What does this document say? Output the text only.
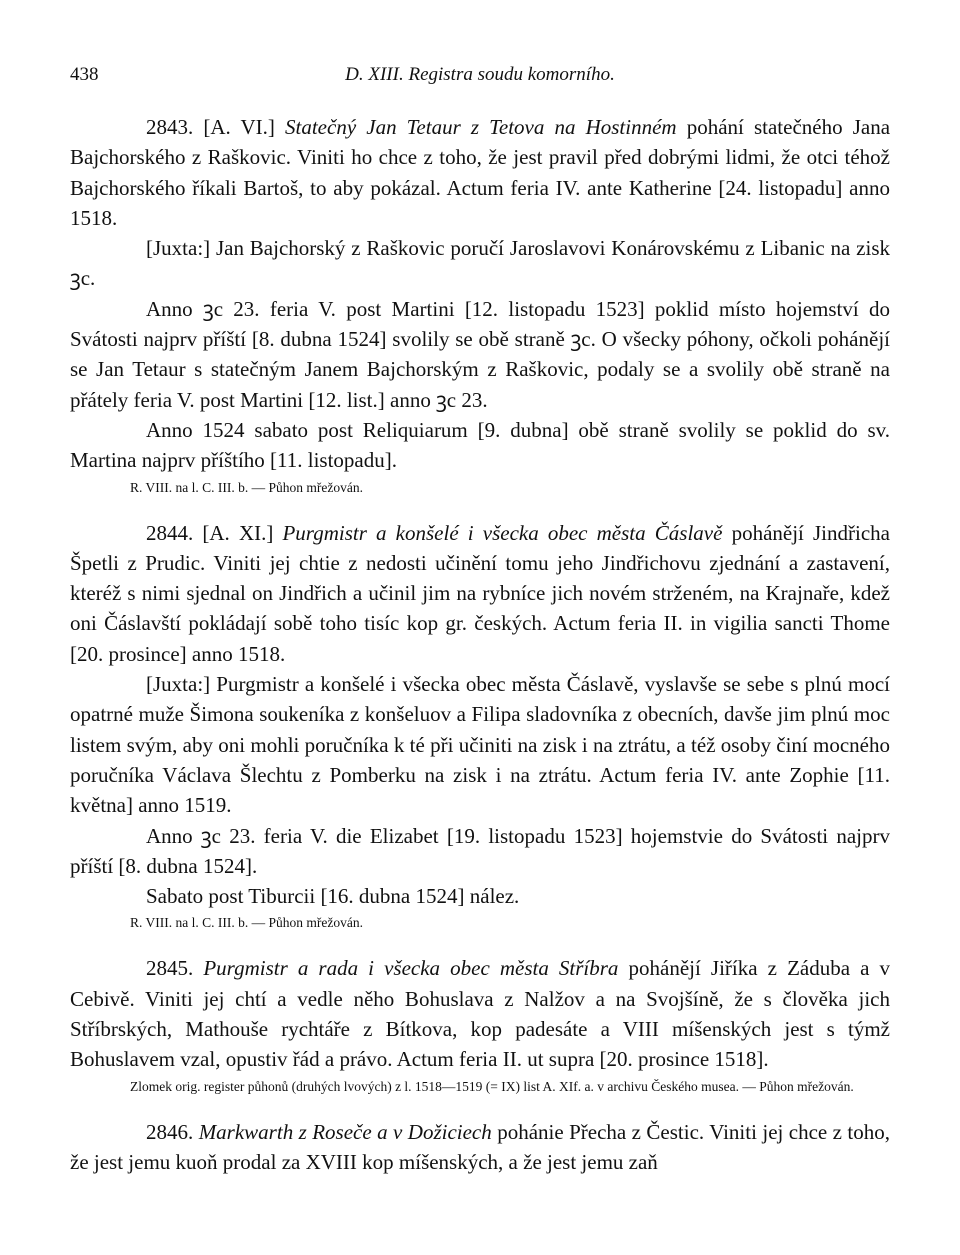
438	D. XIII. Registra soudu komorního.

2843. [A. VI.] Statečný Jan Tetaur z Tetova na Hostinném pohání statečného Jana Bajchorského z Raškovic. Viniti ho chce z toho, že jest pravil před dobrými lidmi, že otci téhož Bajchorského říkali Bartoš, to aby pokázal. Actum feria IV. ante Katherine [24. listopadu] anno 1518.

[Juxta:] Jan Bajchorský z Raškovic poručí Jaroslavovi Konárovskému z Libanic na zisk ꝫc.

Anno ꝫc 23. feria V. post Martini [12. listopadu 1523] poklid místo hojemství do Svátosti najprv příští [8. dubna 1524] svolily se obě straně ꝫc. O všecky póhony, očkoli pohánějí se Jan Tetaur s statečným Janem Bajchorským z Raškovic, podaly se a svolily obě straně na přátely feria V. post Martini [12. list.] anno ꝫc 23.

Anno 1524 sabato post Reliquiarum [9. dubna] obě straně svolily se poklid do sv. Martina najprv příštího [11. listopadu].

R. VIII. na l. C. III. b. — Půhon mřežován.

2844. [A. XI.] Purgmistr a konšelé i všecka obec města Čáslavě pohánějí Jindřicha Špetli z Prudic. Viniti jej chtie z nedosti učinění tomu jeho Jindřichovu zjednání a zastavení, kteréž s nimi sjednal on Jindřich a učinil jim na rybníce jich novém strženém, na Krajnaře, kdež oni Čáslavští pokládají sobě toho tisíc kop gr. českých. Actum feria II. in vigilia sancti Thome [20. prosince] anno 1518.

[Juxta:] Purgmistr a konšelé i všecka obec města Čáslavě, vyslavše se sebe s plnú mocí opatrné muže Šimona soukeníka z konšeluov a Filipa sladovníka z obecních, davše jim plnú moc listem svým, aby oni mohli poručníka k té při učiniti na zisk i na ztrátu, a též osoby činí mocného poručníka Václava Šlechtu z Pomberku na zisk i na ztrátu. Actum feria IV. ante Zophie [11. května] anno 1519.

Anno ꝫc 23. feria V. die Elizabet [19. listopadu 1523] hojemstvie do Svátosti najprv příští [8. dubna 1524].

Sabato post Tiburcii [16. dubna 1524] nález.

R. VIII. na l. C. III. b. — Půhon mřežován.

2845. Purgmistr a rada i všecka obec města Stříbra pohánějí Jiříka z Záduba a v Cebivě. Viniti jej chtí a vedle něho Bohuslava z Nalžov a na Svojšíně, že s člověka jich Stříbrských, Mathouše rychtáře z Bítkova, kop padesáte a VIII míšenských jest s týmž Bohuslavem vzal, opustiv řád a právo. Actum feria II. ut supra [20. prosince 1518].

Zlomek orig. register půhonů (druhých lvových) z l. 1518—1519 (= IX) list A. XIf. a. v archivu Českého musea. — Půhon mřežován.

2846. Markwarth z Roseče a v Dožiciech pohánie Přecha z Čestic. Viniti jej chce z toho, že jest jemu kuoň prodal za XVIII kop míšenských, a že jest jemu zaň
